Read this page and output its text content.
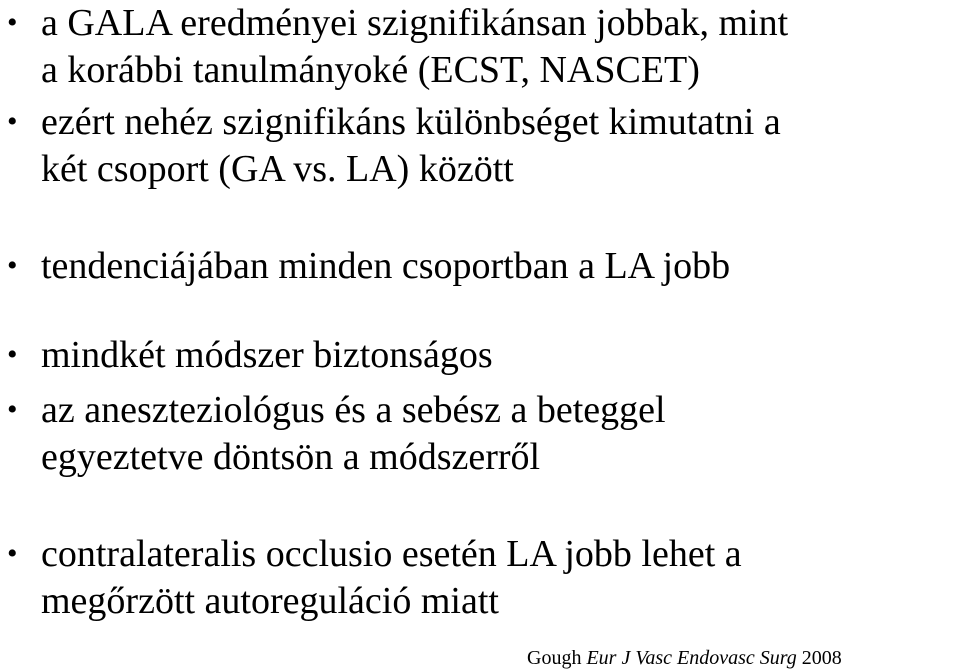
• a GALA eredményei szignifikánsan jobbak, mint
a korábbi tanulmányoké (ECST, NASCET)
• ezért nehéz szignifikáns különbséget kimutatni a
két csoport (GA vs. LA) között
• tendenciájában minden csoportban a LA jobb
• mindkét módszer biztonságos
• az aneszteziológus és a sebész a beteggel
egyeztetve döntsön a módszerről
• contralateralis occlusio esetén LA jobb lehet a
megőrzött autoreguláció miatt
Gough Eur J Vasc Endovasc Surg 2008
